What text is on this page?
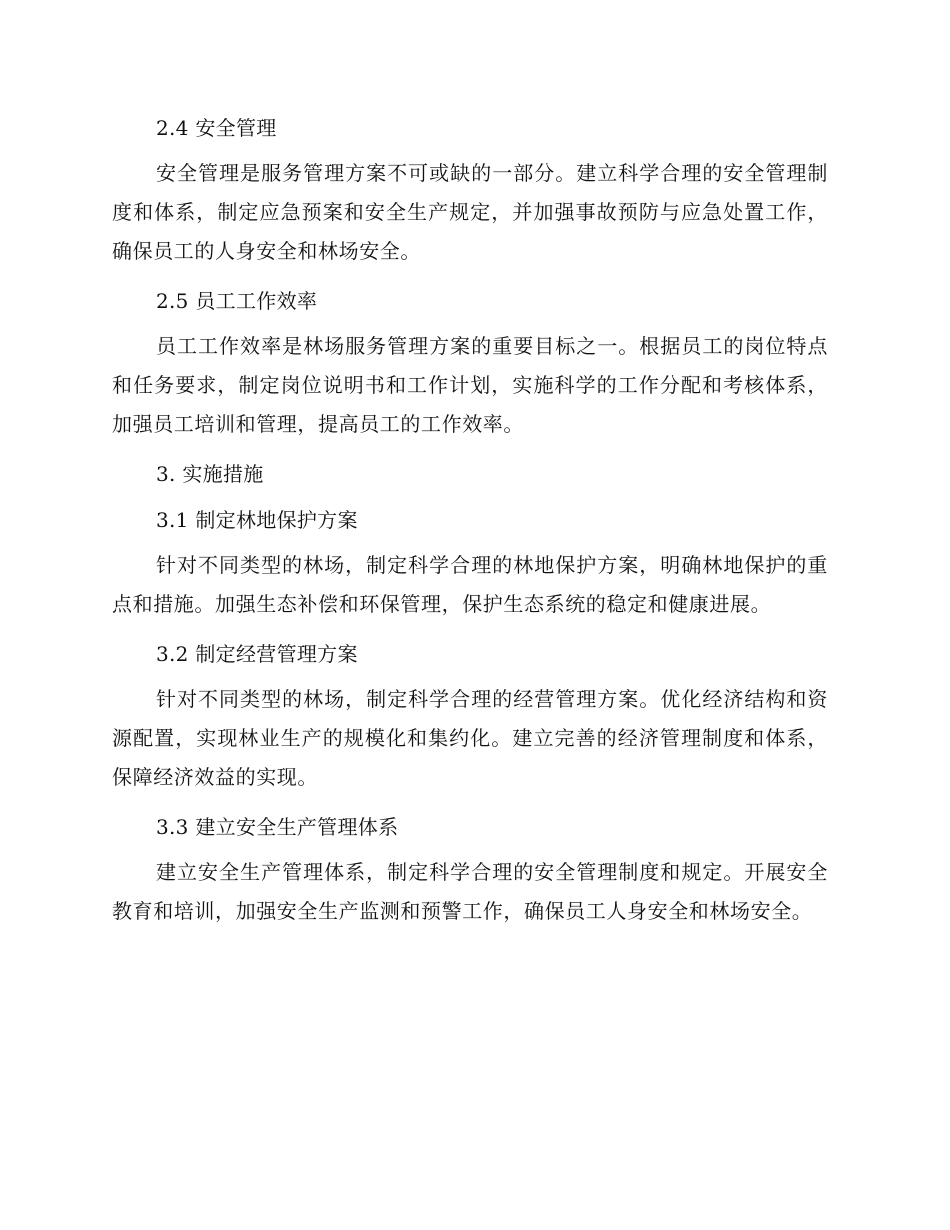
2.4 安全管理

安全管理是服务管理方案不可或缺的一部分。建立科学合理的安全管理制度和体系，制定应急预案和安全生产规定，并加强事故预防与应急处置工作，确保员工的人身安全和林场安全。

2.5 员工工作效率

员工工作效率是林场服务管理方案的重要目标之一。根据员工的岗位特点和任务要求，制定岗位说明书和工作计划，实施科学的工作分配和考核体系，加强员工培训和管理，提高员工的工作效率。

3. 实施措施
3.1 制定林地保护方案

针对不同类型的林场，制定科学合理的林地保护方案，明确林地保护的重点和措施。加强生态补偿和环保管理，保护生态系统的稳定和健康进展。

3.2 制定经营管理方案

针对不同类型的林场，制定科学合理的经营管理方案。优化经济结构和资源配置，实现林业生产的规模化和集约化。建立完善的经济管理制度和体系，保障经济效益的实现。

3.3 建立安全生产管理体系

建立安全生产管理体系，制定科学合理的安全管理制度和规定。开展安全教育和培训，加强安全生产监测和预警工作，确保员工人身安全和林场安全。
